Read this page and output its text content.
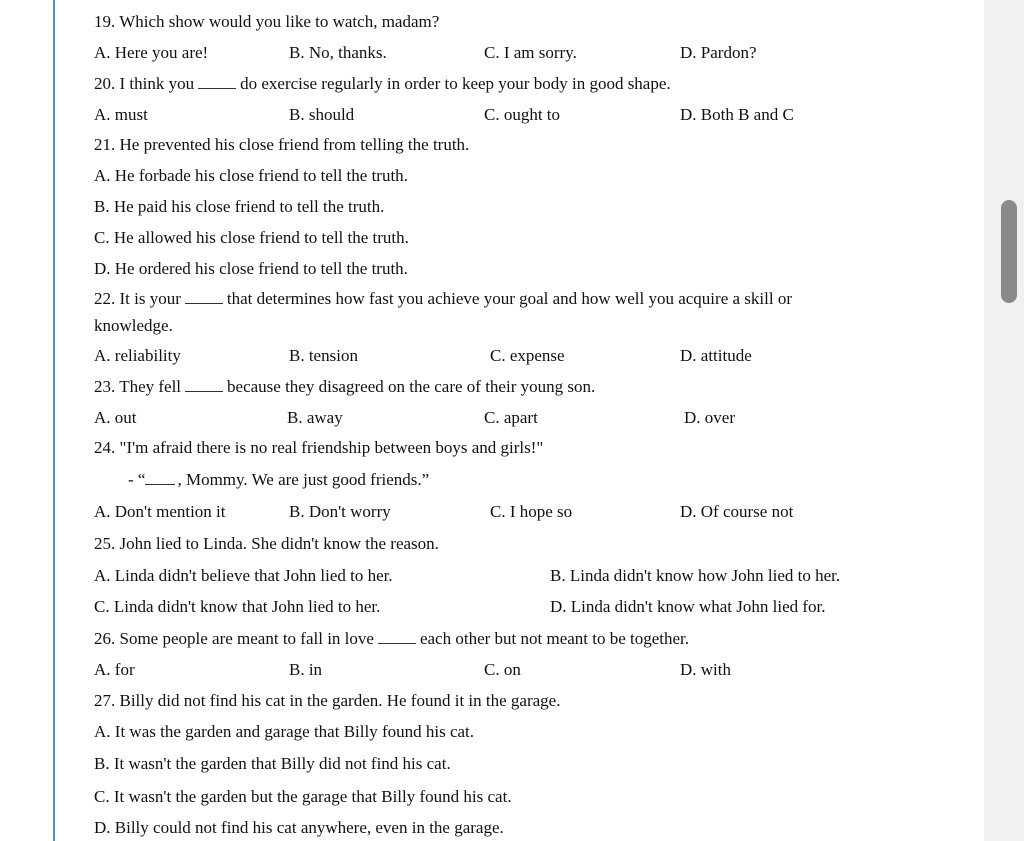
19. Which show would you like to watch, madam?
A. Here you are!	B. No, thanks.	C. I am sorry.	D. Pardon?
20. I think you	do exercise regularly in order to keep your body in good shape.
A. must	B. should	C. ought to	D. Both B and C
21. He prevented his close friend from telling the truth.
A. He forbade his close friend to tell the truth.
B. He paid his close friend to tell the truth.
C. He allowed his close friend to tell the truth.
D. He ordered his close friend to tell the truth.
22. It is your	that determines how fast you achieve your goal and how well you acquire a skill or
knowledge.
A. reliability	B. tension	C. expense	D. attitude
23. They fell	because they disagreed on the care of their young son.
A. out	B. away	C. apart	D. over
24. "I'm afraid there is no real friendship between boys and girls!"
- “ , Mommy. We are just good friends.”
A. Don't mention it	B. Don't worry	C. I hope so	D. Of course not
25. John lied to Linda. She didn't know the reason.
A. Linda didn't believe that John lied to her.	B. Linda didn't know how John lied to her.
C. Linda didn't know that John lied to her.	D. Linda didn't know what John lied for.
26. Some people are meant to fall in love	each other but not meant to be together.
A. for	B. in	C. on	D. with
27. Billy did not find his cat in the garden. He found it in the garage.
A. It was the garden and garage that Billy found his cat.
B. It wasn't the garden that Billy did not find his cat.
C. It wasn't the garden but the garage that Billy found his cat.
D. Billy could not find his cat anywhere, even in the garage.
